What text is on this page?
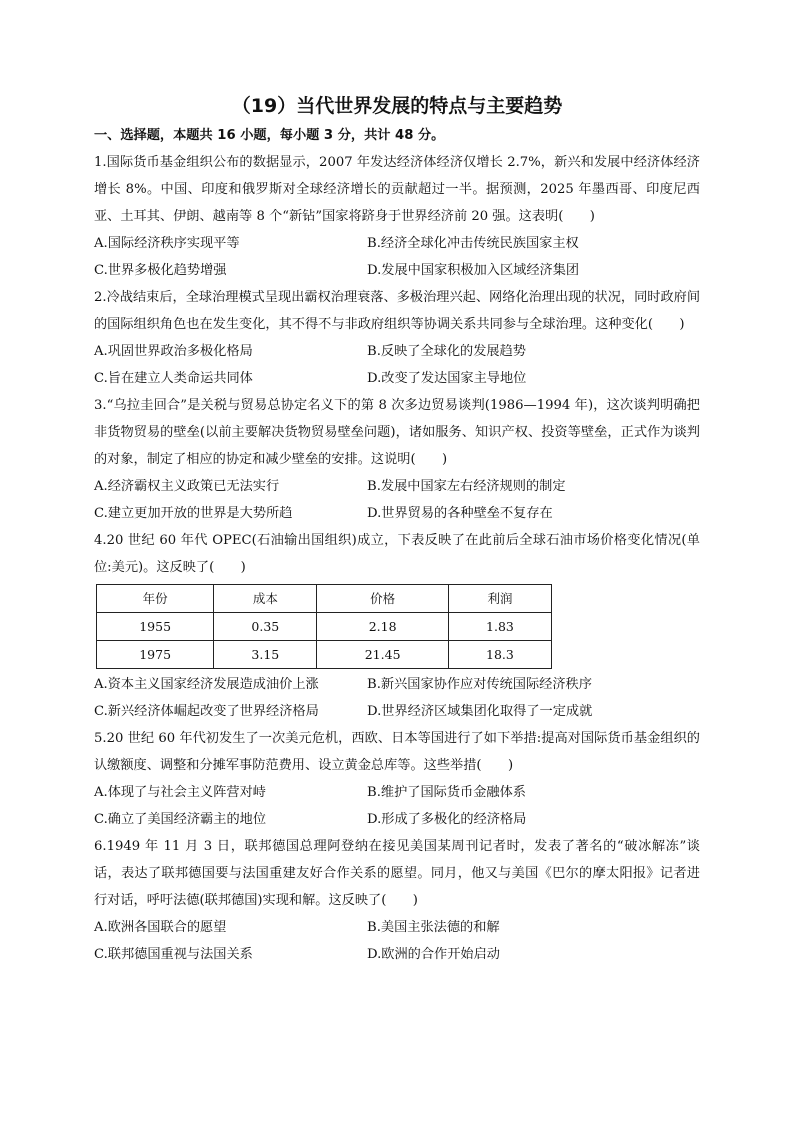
（19）当代世界发展的特点与主要趋势
一、选择题，本题共 16 小题，每小题 3 分，共计 48 分。
1.国际货币基金组织公布的数据显示，2007 年发达经济体经济仅增长 2.7%，新兴和发展中经济体经济增长 8%。中国、印度和俄罗斯对全球经济增长的贡献超过一半。据预测，2025 年墨西哥、印度尼西亚、土耳其、伊朗、越南等 8 个“新钻”国家将跻身于世界经济前 20 强。这表明(　　)
A.国际经济秩序实现平等	B.经济全球化冲击传统民族国家主权
C.世界多极化趋势增强	D.发展中国家积极加入区域经济集团
2.冷战结束后，全球治理模式呈现出霸权治理衰落、多极治理兴起、网络化治理出现的状况，同时政府间的国际组织角色也在发生变化，其不得不与非政府组织等协调关系共同参与全球治理。这种变化(　　)
A.巩固世界政治多极化格局	B.反映了全球化的发展趋势
C.旨在建立人类命运共同体	D.改变了发达国家主导地位
3.“乌拉圭回合”是关税与贸易总协定名义下的第 8 次多边贸易谈判(1986—1994 年)，这次谈判明确把非货物贸易的壁垒(以前主要解决货物贸易壁垒问题)，诸如服务、知识产权、投资等壁垒，正式作为谈判的对象，制定了相应的协定和减少壁垒的安排。这说明(　　)
A.经济霸权主义政策已无法实行	B.发展中国家左右经济规则的制定
C.建立更加开放的世界是大势所趋	D.世界贸易的各种壁垒不复存在
4.20 世纪 60 年代 OPEC(石油输出国组织)成立，下表反映了在此前后全球石油市场价格变化情况(单位:美元)。这反映了(　　)
年份	成本	价格	利润
1955	0.35	2.18	1.83
1975	3.15	21.45	18.3
A.资本主义国家经济发展造成油价上涨	B.新兴国家协作应对传统国际经济秩序
C.新兴经济体崛起改变了世界经济格局	D.世界经济区域集团化取得了一定成就
5.20 世纪 60 年代初发生了一次美元危机，西欧、日本等国进行了如下举措:提高对国际货币基金组织的认缴额度、调整和分摊军事防范费用、设立黄金总库等。这些举措(　　)
A.体现了与社会主义阵营对峙	B.维护了国际货币金融体系
C.确立了美国经济霸主的地位	D.形成了多极化的经济格局
6.1949 年 11 月 3 日，联邦德国总理阿登纳在接见美国某周刊记者时，发表了著名的“破冰解冻”谈话，表达了联邦德国要与法国重建友好合作关系的愿望。同月，他又与美国《巴尔的摩太阳报》记者进行对话，呼吁法德(联邦德国)实现和解。这反映了(　　)
A.欧洲各国联合的愿望	B.美国主张法德的和解
C.联邦德国重视与法国关系	D.欧洲的合作开始启动
